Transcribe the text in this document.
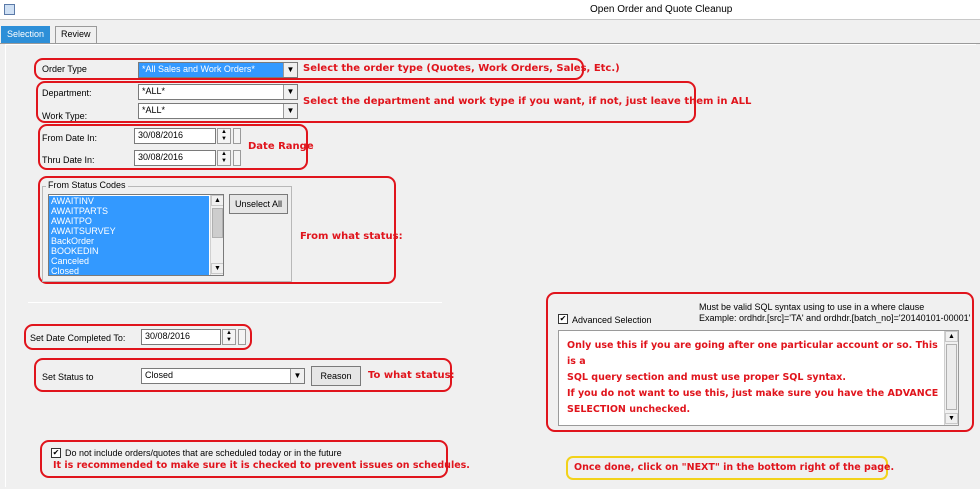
Open Order and Quote Cleanup
Selection	Review
Order Type	*All Sales and Work Orders*	▼ Select the order type (Quotes, Work Orders, Sales, Etc.)
Department:	*ALL*	▼
Work Type:
*ALL*	▼
Select the department and work type if you want, if not, just leave them in ALL
From Date In:	30/08/2016	▲
▼
Thru Date In:	30/08/2016	▲
▼
Date Range
From Status Codes
AWAITINV
AWAITPARTS
AWAITPO
AWAITSURVEY
BackOrder
BOOKEDIN
Canceled
Closed
▲
▼
Unselect All
From what status:
Set Date Completed To:	30/08/2016	▲
▼
Set Status to	Closed	▼	Reason	To what status:
✔ Do not include orders/quotes that are scheduled today or in the future
It is recommended to make sure it is checked to prevent issues on schedules.
✔ Advanced Selection
Must be valid SQL syntax using to use in a where clause
Example: ordhdr.[src]='TA' and ordhdr.[batch_no]='20140101-00001'
Only use this if you are going after one particular account or so. This is a
SQL query section and must use proper SQL syntax.
If you do not want to use this, just make sure you have the ADVANCE
SELECTION unchecked.
▲
▼
Once done, click on "NEXT" in the bottom right of the page.
